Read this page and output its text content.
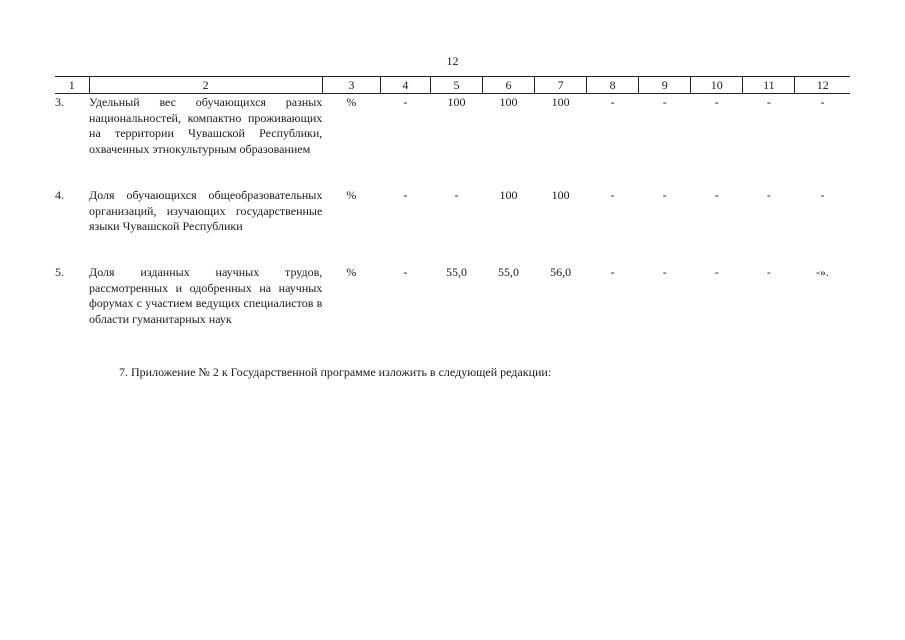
12
1	2	3	4	5	6	7	8	9	10	11	12
3.	Удельный вес обучающихся разных национальностей, компактно проживающих на территории Чувашской Республики, охваченных этнокультурным образованием	%	-	100	100	100	-	-	-	-	-

4.	Доля обучающихся общеобразовательных организаций, изучающих государственные языки Чувашской Республики	%	-	-	100	100	-	-	-	-	-

5.	Доля изданных научных трудов, рассмотренных и одобренных на научных форумах с участием ведущих специалистов в области гуманитарных наук	%	-	55,0	55,0	56,0	-	-	-	-	-».
7. Приложение № 2 к Государственной программе изложить в следующей редакции:
